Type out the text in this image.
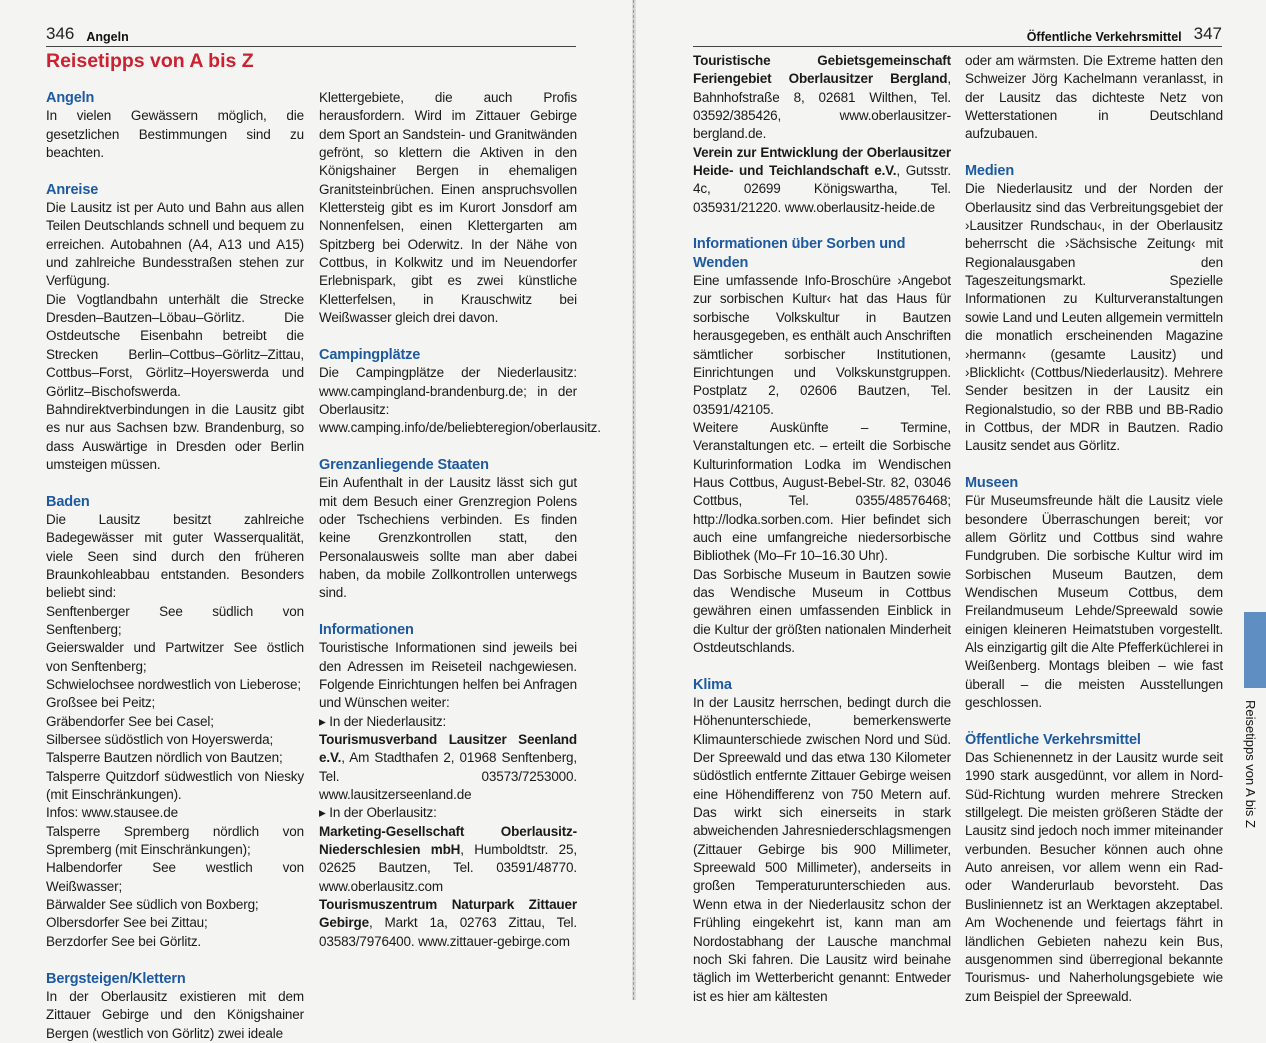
346 Angeln
Reisetipps von A bis Z
Angeln

In vielen Gewässern möglich, die gesetzlichen Bestimmungen sind zu beachten.

Anreise

Die Lausitz ist per Auto und Bahn aus allen Teilen Deutschlands schnell und bequem zu erreichen. Autobahnen (A4, A13 und A15) und zahlreiche Bundesstraßen stehen zur Verfügung.

Die Vogtlandbahn unterhält die Strecke Dresden–Bautzen–Löbau–Görlitz. Die Ostdeutsche Eisenbahn betreibt die Strecken Berlin–Cottbus–Görlitz–Zittau, Cottbus–Forst, Görlitz–Hoyerswerda und Görlitz–Bischofswerda. Bahndirektverbindungen in die Lausitz gibt es nur aus Sachsen bzw. Brandenburg, so dass Auswärtige in Dresden oder Berlin umsteigen müssen.

Baden

Die Lausitz besitzt zahlreiche Badegewässer mit guter Wasserqualität, viele Seen sind durch den früheren Braunkohleabbau entstanden. Besonders beliebt sind:

Senftenberger See südlich von Senftenberg;

Geierswalder und Partwitzer See östlich von Senftenberg;

Schwielochsee nordwestlich von Lieberose;

Großsee bei Peitz;

Gräbendorfer See bei Casel;

Silbersee südöstlich von Hoyerswerda;

Talsperre Bautzen nördlich von Bautzen;

Talsperre Quitzdorf südwestlich von Niesky (mit Einschränkungen).

Infos: www.stausee.de

Talsperre Spremberg nördlich von Spremberg (mit Einschränkungen);

Halbendorfer See westlich von Weißwasser;

Bärwalder See südlich von Boxberg;

Olbersdorfer See bei Zittau;

Berzdorfer See bei Görlitz.

Bergsteigen/Klettern

In der Oberlausitz existieren mit dem Zittauer Gebirge und den Königshainer Bergen (westlich von Görlitz) zwei ideale

Klettergebiete, die auch Profis herausfordern. Wird im Zittauer Gebirge dem Sport an Sandstein- und Granitwänden gefrönt, so klettern die Aktiven in den Königshainer Bergen in ehemaligen Granitsteinbrüchen. Einen anspruchsvollen Klettersteig gibt es im Kurort Jonsdorf am Nonnenfelsen, einen Klettergarten am Spitzberg bei Oderwitz. In der Nähe von Cottbus, in Kolkwitz und im Neuendorfer Erlebnispark, gibt es zwei künstliche Kletterfelsen, in Krauschwitz bei Weißwasser gleich drei davon.

Campingplätze

Die Campingplätze der Niederlausitz: www.campingland-brandenburg.de; in der Oberlausitz: www.camping.info/de/beliebteregion/oberlausitz.

Grenzanliegende Staaten

Ein Aufenthalt in der Lausitz lässt sich gut mit dem Besuch einer Grenzregion Polens oder Tschechiens verbinden. Es finden keine Grenzkontrollen statt, den Personalausweis sollte man aber dabei haben, da mobile Zollkontrollen unterwegs sind.

Informationen

Touristische Informationen sind jeweils bei den Adressen im Reiseteil nachgewiesen. Folgende Einrichtungen helfen bei Anfragen und Wünschen weiter:

▸ In der Niederlausitz:

Tourismusverband Lausitzer Seenland e.V., Am Stadthafen 2, 01968 Senftenberg, Tel. 03573/7253000. www.lausitzerseenland.de

▸ In der Oberlausitz:

Marketing-Gesellschaft Oberlausitz-Niederschlesien mbH, Humboldtstr. 25, 02625 Bautzen, Tel. 03591/48770. www.oberlausitz.com

Tourismuszentrum Naturpark Zittauer Gebirge, Markt 1a, 02763 Zittau, Tel. 03583/7976400. www.zittauer-gebirge.com

Öffentliche Verkehrsmittel 347

Touristische Gebietsgemeinschaft Feriengebiet Oberlausitzer Bergland, Bahnhofstraße 8, 02681 Wilthen, Tel. 03592/385426, www.oberlausitzer-bergland.de.

Verein zur Entwicklung der Oberlausitzer Heide- und Teichlandschaft e.V., Gutsstr. 4c, 02699 Königswartha, Tel. 035931/21220. www.oberlausitz-heide.de

Informationen über Sorben und Wenden

Eine umfassende Info-Broschüre ›Angebot zur sorbischen Kultur‹ hat das Haus für sorbische Volkskultur in Bautzen herausgegeben, es enthält auch Anschriften sämtlicher sorbischer Institutionen, Einrichtungen und Volkskunstgruppen. Postplatz 2, 02606 Bautzen, Tel. 03591/42105.

Weitere Auskünfte – Termine, Veranstaltungen etc. – erteilt die Sorbische Kulturinformation Lodka im Wendischen Haus Cottbus, August-Bebel-Str. 82, 03046 Cottbus, Tel. 0355/48576468; http://lodka.sorben.com. Hier befindet sich auch eine umfangreiche niedersorbische Bibliothek (Mo–Fr 10–16.30 Uhr).

Das Sorbische Museum in Bautzen sowie das Wendische Museum in Cottbus gewähren einen umfassenden Einblick in die Kultur der größten nationalen Minderheit Ostdeutschlands.

Klima

In der Lausitz herrschen, bedingt durch die Höhenunterschiede, bemerkenswerte Klimaunterschiede zwischen Nord und Süd. Der Spreewald und das etwa 130 Kilometer südöstlich entfernte Zittauer Gebirge weisen eine Höhendifferenz von 750 Metern auf. Das wirkt sich einerseits in stark abweichenden Jahresniederschlagsmengen (Zittauer Gebirge bis 900 Millimeter, Spreewald 500 Millimeter), anderseits in großen Temperaturunterschieden aus. Wenn etwa in der Niederlausitz schon der Frühling eingekehrt ist, kann man am Nordostabhang der Lausche manchmal noch Ski fahren. Die Lausitz wird beinahe täglich im Wetterbericht genannt: Entweder ist es hier am kältesten

oder am wärmsten. Die Extreme hatten den Schweizer Jörg Kachelmann veranlasst, in der Lausitz das dichteste Netz von Wetterstationen in Deutschland aufzubauen.

Medien

Die Niederlausitz und der Norden der Oberlausitz sind das Verbreitungsgebiet der ›Lausitzer Rundschau‹, in der Oberlausitz beherrscht die ›Sächsische Zeitung‹ mit Regionalausgaben den Tageszeitungsmarkt. Spezielle Informationen zu Kulturveranstaltungen sowie Land und Leuten allgemein vermitteln die monatlich erscheinenden Magazine ›hermann‹ (gesamte Lausitz) und ›Blicklicht‹ (Cottbus/Niederlausitz). Mehrere Sender besitzen in der Lausitz ein Regionalstudio, so der RBB und BB-Radio in Cottbus, der MDR in Bautzen. Radio Lausitz sendet aus Görlitz.

Museen

Für Museumsfreunde hält die Lausitz viele besondere Überraschungen bereit; vor allem Görlitz und Cottbus sind wahre Fundgruben. Die sorbische Kultur wird im Sorbischen Museum Bautzen, dem Wendischen Museum Cottbus, dem Freilandmuseum Lehde/Spreewald sowie einigen kleineren Heimatstuben vorgestellt. Als einzigartig gilt die Alte Pfefferküchlerei in Weißenberg. Montags bleiben – wie fast überall – die meisten Ausstellungen geschlossen.

Öffentliche Verkehrsmittel

Das Schienennetz in der Lausitz wurde seit 1990 stark ausgedünnt, vor allem in Nord-Süd-Richtung wurden mehrere Strecken stillgelegt. Die meisten größeren Städte der Lausitz sind jedoch noch immer miteinander verbunden. Besucher können auch ohne Auto anreisen, vor allem wenn ein Rad- oder Wanderurlaub bevorsteht. Das Busliniennetz ist an Werktagen akzeptabel. Am Wochenende und feiertags fährt in ländlichen Gebieten nahezu kein Bus, ausgenommen sind überregional bekannte Tourismus- und Naherholungsgebiete wie zum Beispiel der Spreewald.

Reisetipps von A bis Z
